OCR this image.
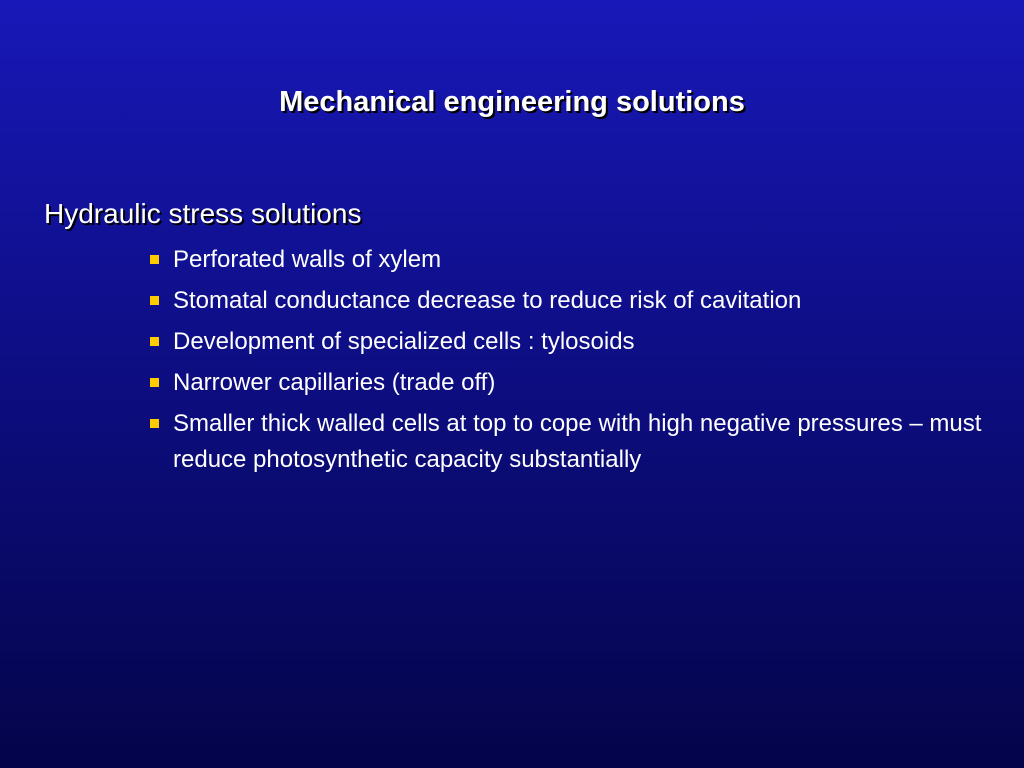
Mechanical engineering solutions
Hydraulic stress solutions
Perforated walls of xylem
Stomatal conductance decrease to reduce risk of cavitation
Development of specialized cells : tylosoids
Narrower capillaries (trade off)
Smaller thick walled cells at top to cope with high negative pressures – must reduce photosynthetic capacity substantially
